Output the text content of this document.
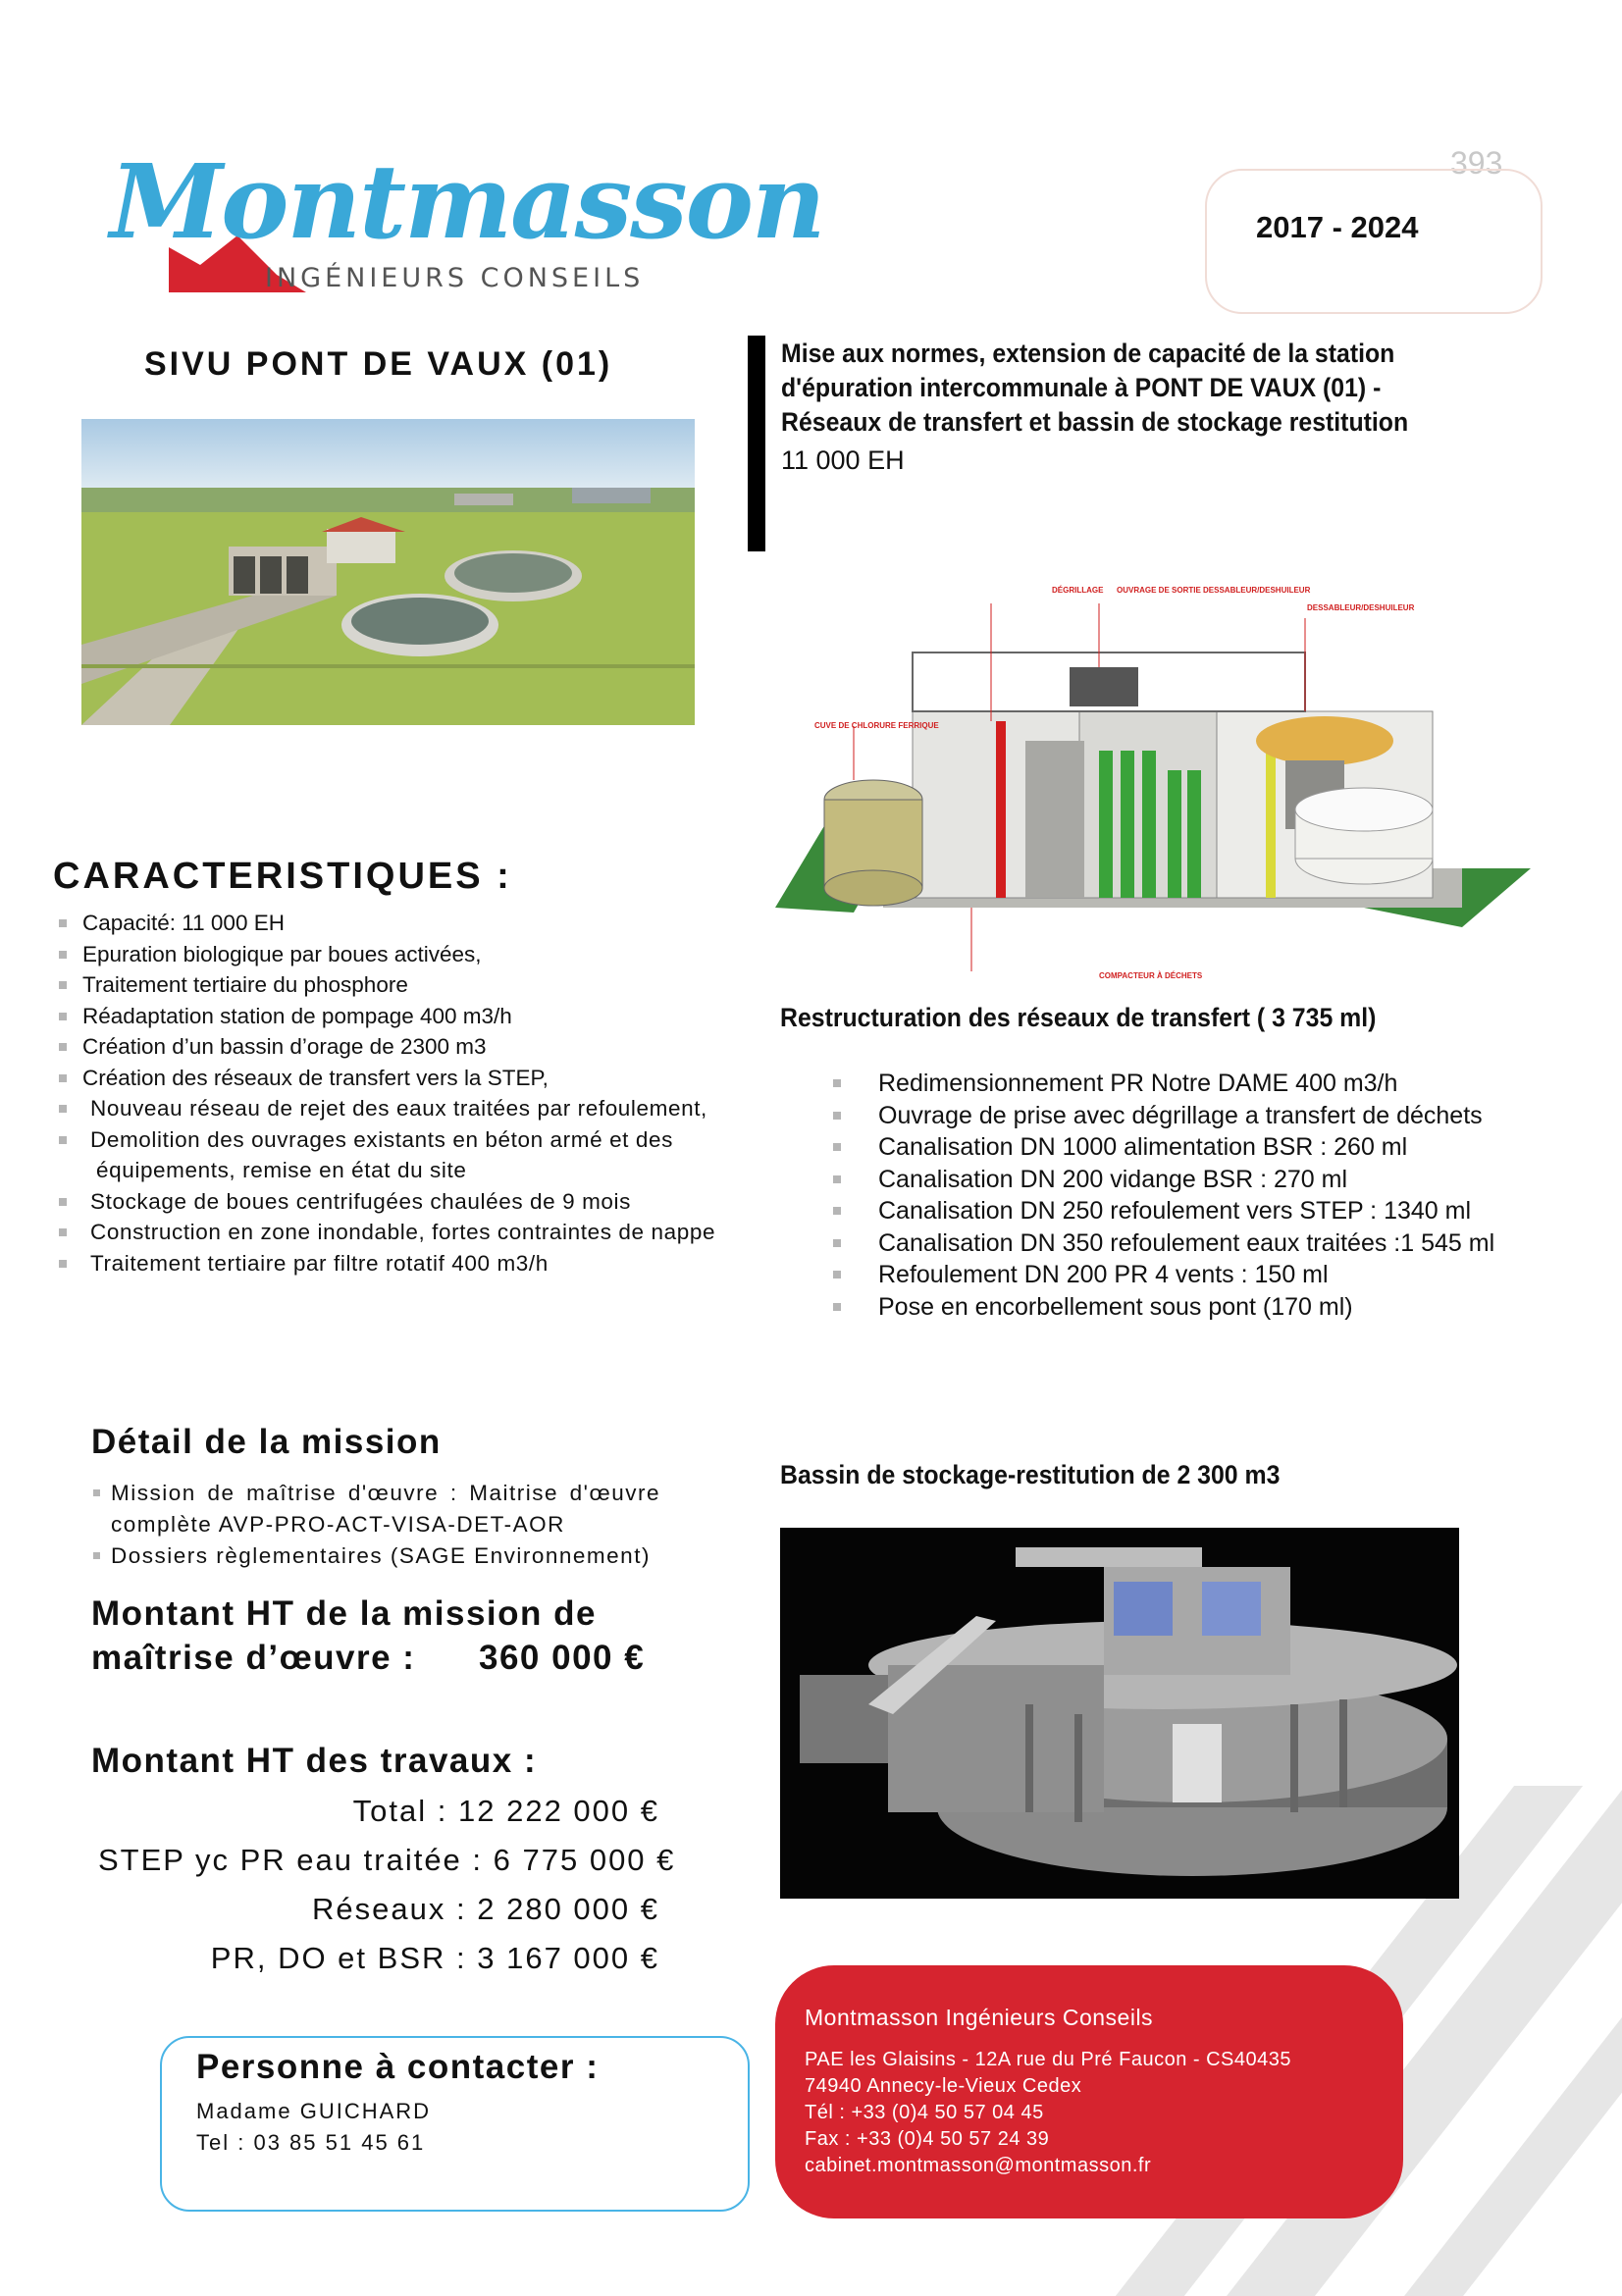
393
Montmasson
INGÉNIEURS CONSEILS
2017 - 2024
SIVU PONT DE VAUX (01)	Mise aux normes, extension de capacité de la station
d'épuration intercommunale à PONT DE VAUX (01) -
Réseaux de transfert et bassin de stockage restitution
11 000 EH
DÉGRILLAGE OUVRAGE DE SORTIE DESSABLEUR/DESHUILEUR
DESSABLEUR/DESHUILEUR
CUVE DE CHLORURE FERRIQUE
COMPACTEUR À DÉCHETS
CARACTERISTIQUES :
Capacité: 11 000 EH
Epuration biologique par boues activées,
Traitement tertiaire du phosphore
Réadaptation station de pompage 400 m3/h
Création d’un bassin d’orage de 2300 m3
Création des réseaux de transfert vers la STEP,
Nouveau réseau de rejet des eaux traitées par refoulement,
Demolition des ouvrages existants en béton armé et des
équipements, remise en état du site
Stockage de boues centrifugées chaulées de 9 mois
Construction en zone inondable, fortes contraintes de nappe
Traitement tertiaire par filtre rotatif 400 m3/h
Restructuration des réseaux de transfert ( 3 735 ml)
Redimensionnement PR Notre DAME 400 m3/h
Ouvrage de prise avec dégrillage a transfert de déchets
Canalisation DN 1000 alimentation BSR : 260 ml
Canalisation DN 200 vidange BSR : 270 ml
Canalisation DN 250 refoulement vers STEP : 1340 ml
Canalisation DN 350 refoulement eaux traitées :1 545 ml
Refoulement DN 200 PR 4 vents : 150 ml
Pose en encorbellement sous pont (170 ml)
Détail de la mission
Mission de maîtrise d'œuvre : Maitrise d'œuvre complète AVP-PRO-ACT-VISA-DET-AOR
Dossiers règlementaires (SAGE Environnement)
Montant HT de la mission de
maîtrise d’œuvre : 360 000 €
Montant HT des travaux :
Total : 12 222 000 €
STEP yc PR eau traitée : 6 775 000 €
Réseaux : 2 280 000 €
PR, DO et BSR : 3 167 000 €
Bassin de stockage-restitution de 2 300 m3
Personne à contacter :
Madame GUICHARD
Tel : 03 85 51 45 61
Montmasson Ingénieurs Conseils
PAE les Glaisins - 12A rue du Pré Faucon - CS40435
74940 Annecy-le-Vieux Cedex
Tél : +33 (0)4 50 57 04 45
Fax : +33 (0)4 50 57 24 39
cabinet.montmasson@montmasson.fr
